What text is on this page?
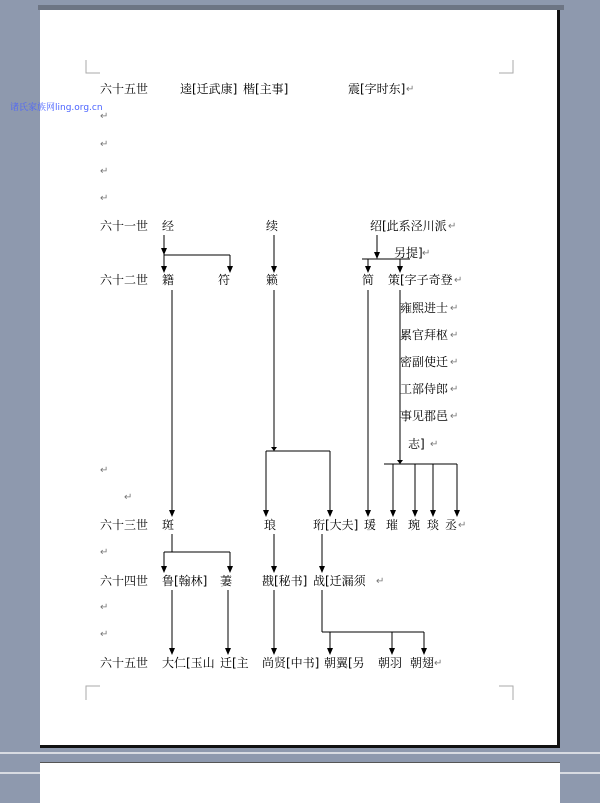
诸氏家族网ling.org.cn
六十五世	逵[迁武康] 楷[主事]	震[字时东] ↵
↵
↵
↵
↵
六十一世 经	续	绍[此系泾川派 ↵
另提] ↵
六十二世 籍	符	籁	简 策[字子奇登 ↵
雍熙进士 ↵
累官拜枢 ↵
密副使迁 ↵
工部侍郎 ↵
事见郡邑 ↵
志] ↵
↵
↵
六十三世 斑	琅	珩[大夫] 瑗 璀 琬 琰 丞 ↵
↵
六十四世 鲁[翰林] 萋 戡[秘书] 战[迁漏须 ↵
↵
↵
六十五世 大仁[玉山 迁[主 尚贤[中书] 朝翼[另 朝羽 朝翅 ↵
